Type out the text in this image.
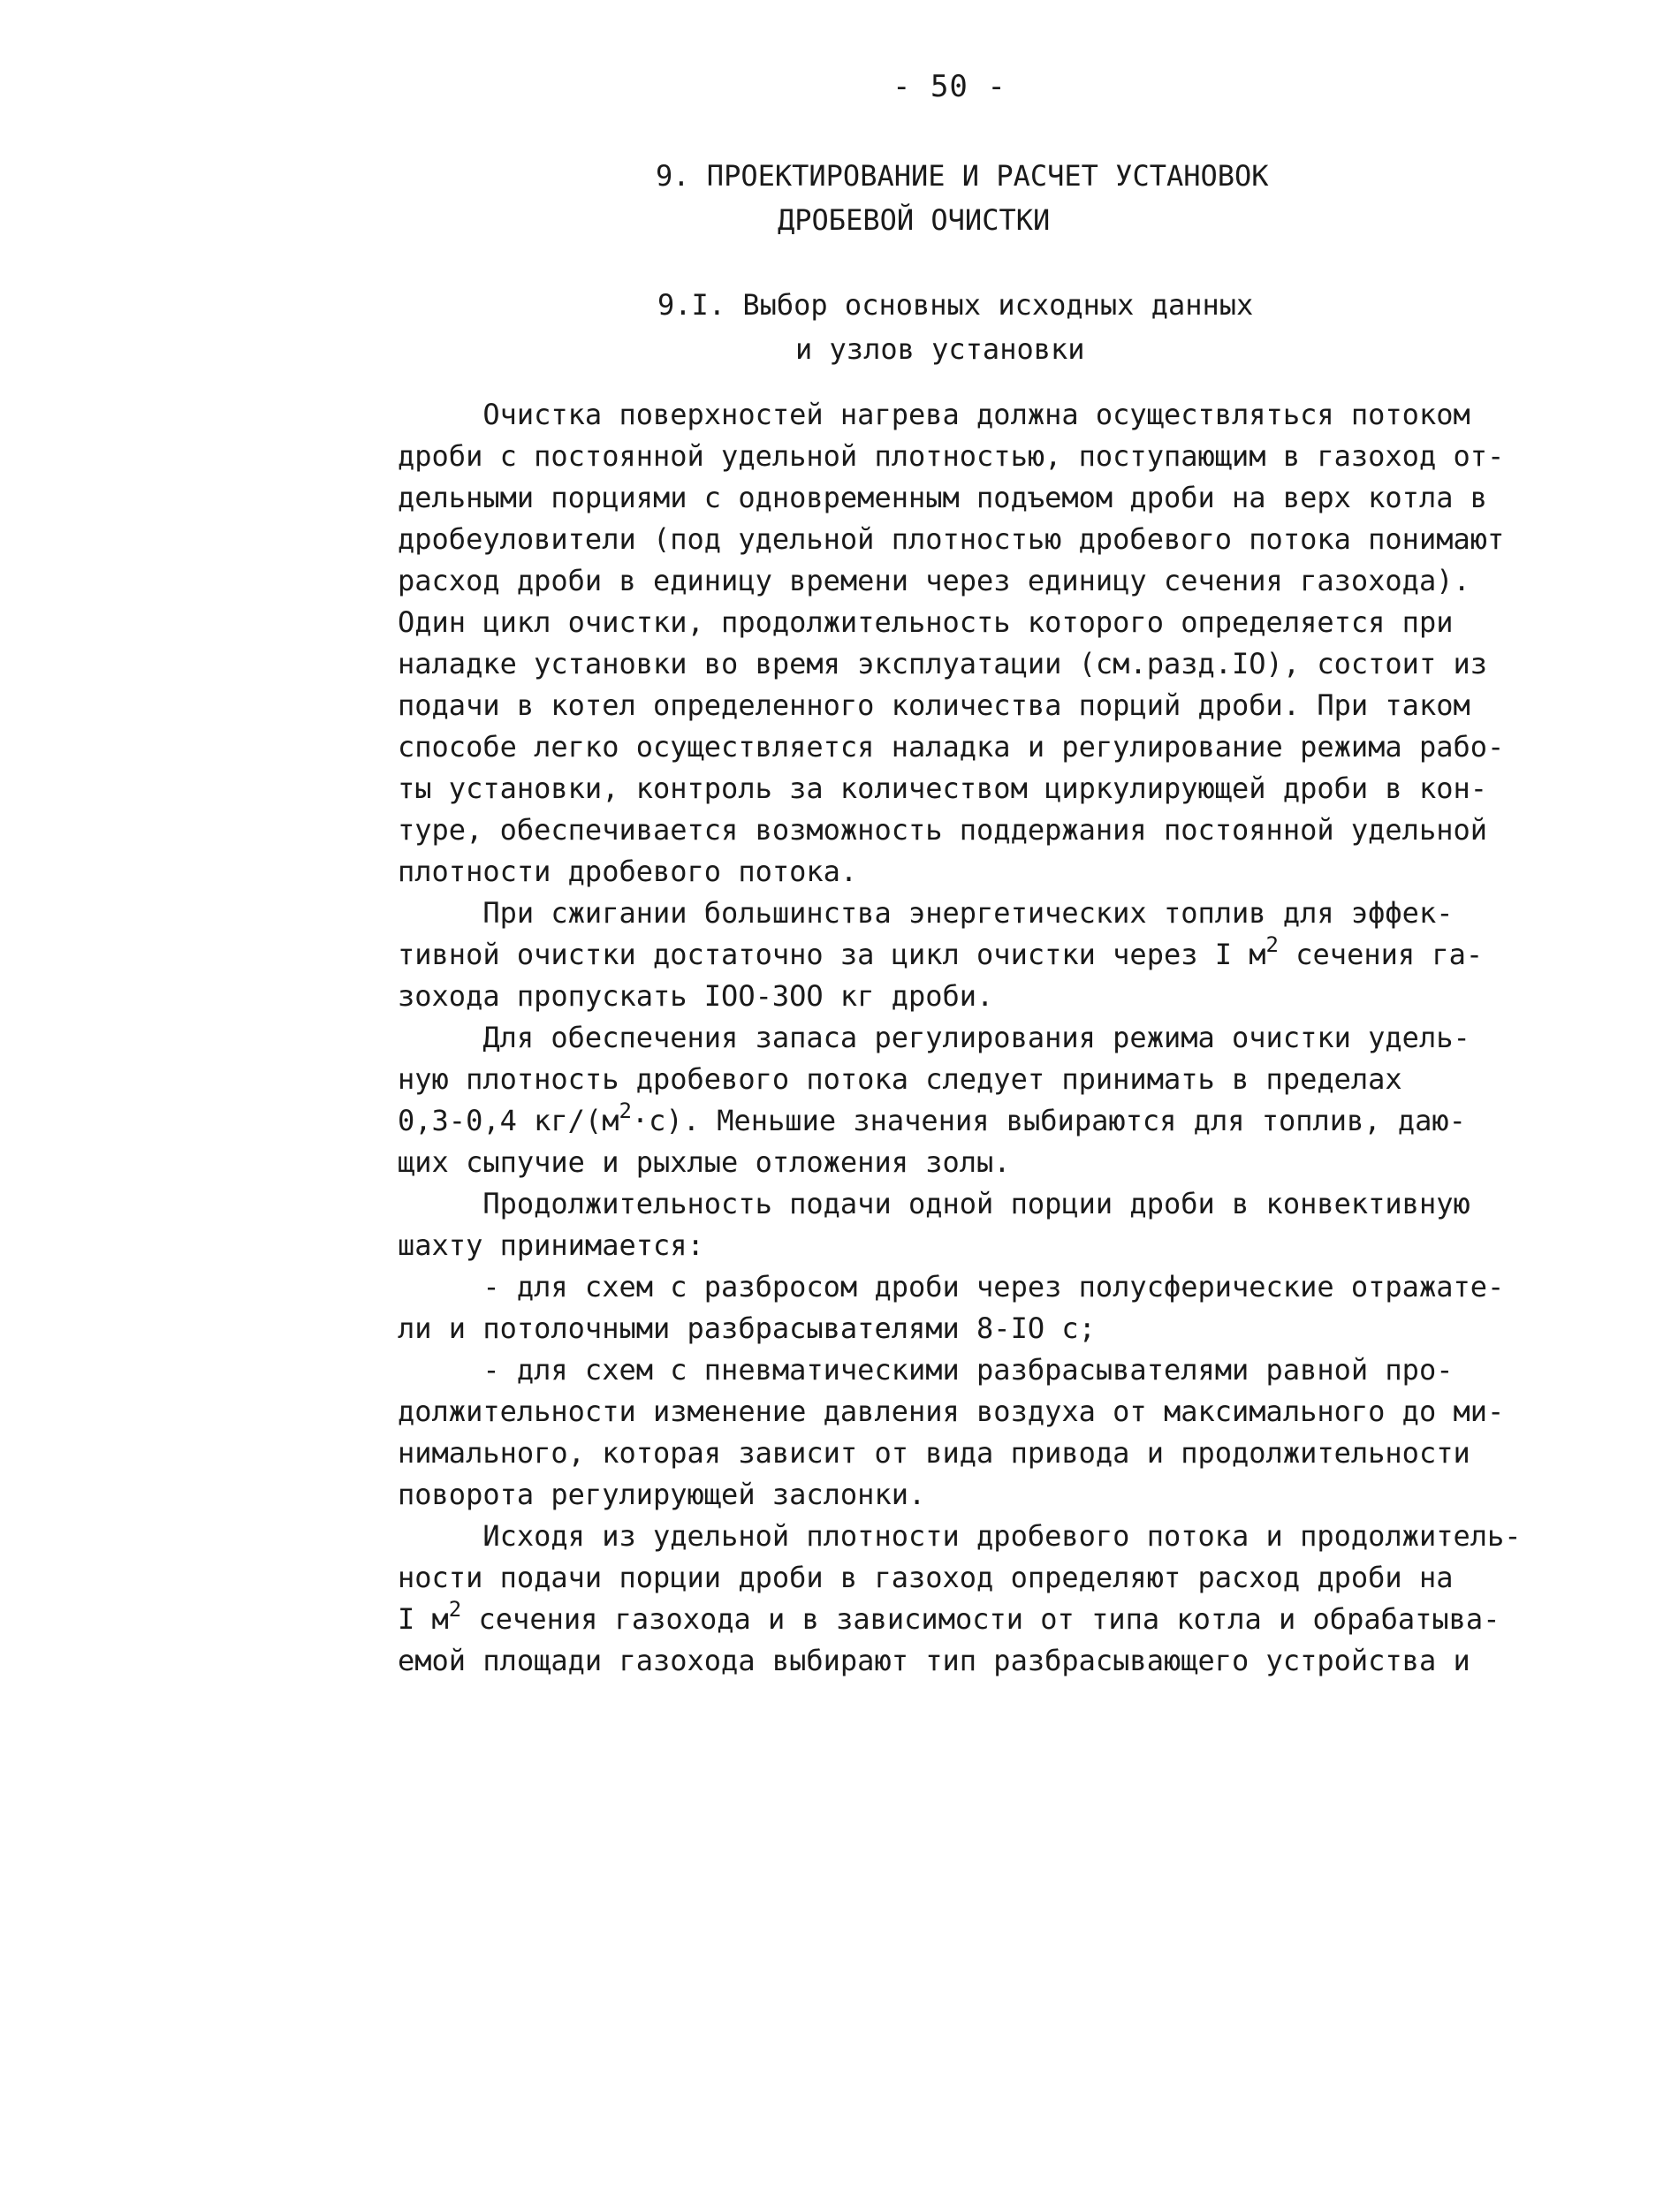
- 50 -
9. ПРОЕКТИРОВАНИЕ И РАСЧЕТ УСТАНОВОК
ДРОБЕВОЙ ОЧИСТКИ
9.I. Выбор основных исходных данных
и узлов установки
Очистка поверхностей нагрева должна осуществляться потоком
дроби с постоянной удельной плотностью, поступающим в газоход от-
дельными порциями с одновременным подъемом дроби на верх котла в
дробеуловители (под удельной плотностью дробевого потока понимают
расход дроби в единицу времени через единицу сечения газохода).
Один цикл очистки, продолжительность которого определяется при
наладке установки во время эксплуатации (см.разд.IO), состоит из
подачи в котел определенного количества порций дроби. При таком
способе легко осуществляется наладка и регулирование режима рабо-
ты установки, контроль за количеством циркулирующей дроби в кон-
туре, обеспечивается возможность поддержания постоянной удельной
плотности дробевого потока.
При сжигании большинства энергетических топлив для эффек-
тивной очистки достаточно за цикл очистки через I $м^2$ сечения га-
зохода пропускать IOO-3OO кг дроби.
Для обеспечения запаса регулирования режима очистки удель-
ную плотность дробевого потока следует принимать в пределах
0,3-0,4 $кг/(м^2\cdot с)$. Меньшие значения выбираются для топлив, даю-
щих сыпучие и рыхлые отложения золы.
Продолжительность подачи одной порции дроби в конвективную
шахту принимается:
- для схем с разбросом дроби через полусферические отражате-
ли и потолочными разбрасывателями 8-IO с;
- для схем с пневматическими разбрасывателями равной про-
должительности изменение давления воздуха от максимального до ми-
нимального, которая зависит от вида привода и продолжительности
поворота регулирующей заслонки.
Исходя из удельной плотности дробевого потока и продолжитель-
ности подачи порции дроби в газоход определяют расход дроби на
I $м^2$ сечения газохода и в зависимости от типа котла и обрабатыва-
емой площади газохода выбирают тип разбрасывающего устройства и
